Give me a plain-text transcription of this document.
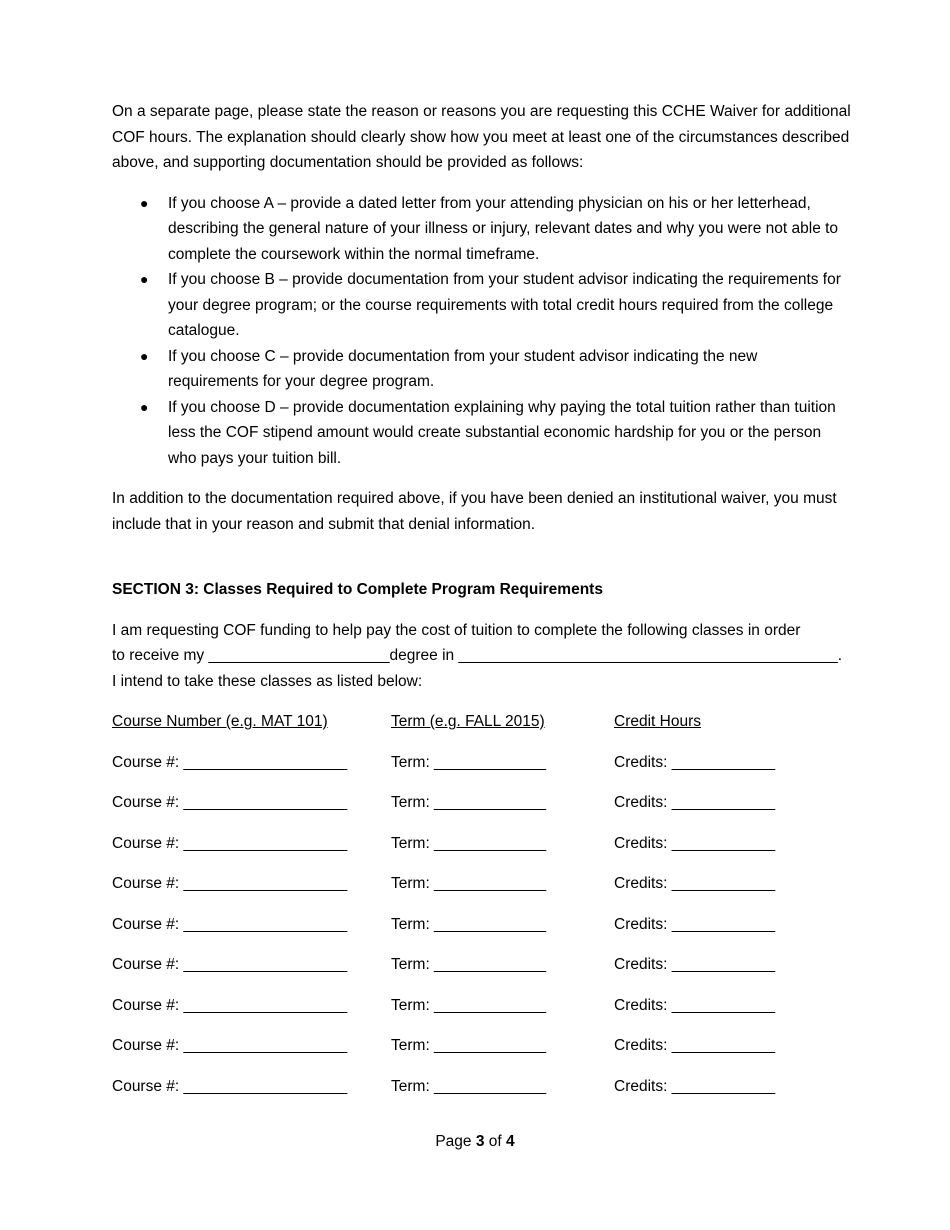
On a separate page, please state the reason or reasons you are requesting this CCHE Waiver for additional COF hours. The explanation should clearly show how you meet at least one of the circumstances described above, and supporting documentation should be provided as follows:

● If you choose A – provide a dated letter from your attending physician on his or her letterhead, describing the general nature of your illness or injury, relevant dates and why you were not able to complete the coursework within the normal timeframe.
● If you choose B – provide documentation from your student advisor indicating the requirements for your degree program; or the course requirements with total credit hours required from the college catalogue.
● If you choose C – provide documentation from your student advisor indicating the new requirements for your degree program.
● If you choose D – provide documentation explaining why paying the total tuition rather than tuition less the COF stipend amount would create substantial economic hardship for you or the person who pays your tuition bill.

In addition to the documentation required above, if you have been denied an institutional waiver, you must include that in your reason and submit that denial information.

SECTION 3: Classes Required to Complete Program Requirements

I am requesting COF funding to help pay the cost of tuition to complete the following classes in order
to receive my _____________________degree in ____________________________________________.
I intend to take these classes as listed below:
Course Number (e.g. MAT 101)	Term (e.g. FALL 2015)	Credit Hours
Course #: ___________________	Term: _____________	Credits: ____________
Course #: ___________________	Term: _____________	Credits: ____________
Course #: ___________________	Term: _____________	Credits: ____________
Course #: ___________________	Term: _____________	Credits: ____________
Course #: ___________________	Term: _____________	Credits: ____________
Course #: ___________________	Term: _____________	Credits: ____________
Course #: ___________________	Term: _____________	Credits: ____________
Course #: ___________________	Term: _____________	Credits: ____________
Course #: ___________________	Term: _____________	Credits: ____________
Page 3 of 4
